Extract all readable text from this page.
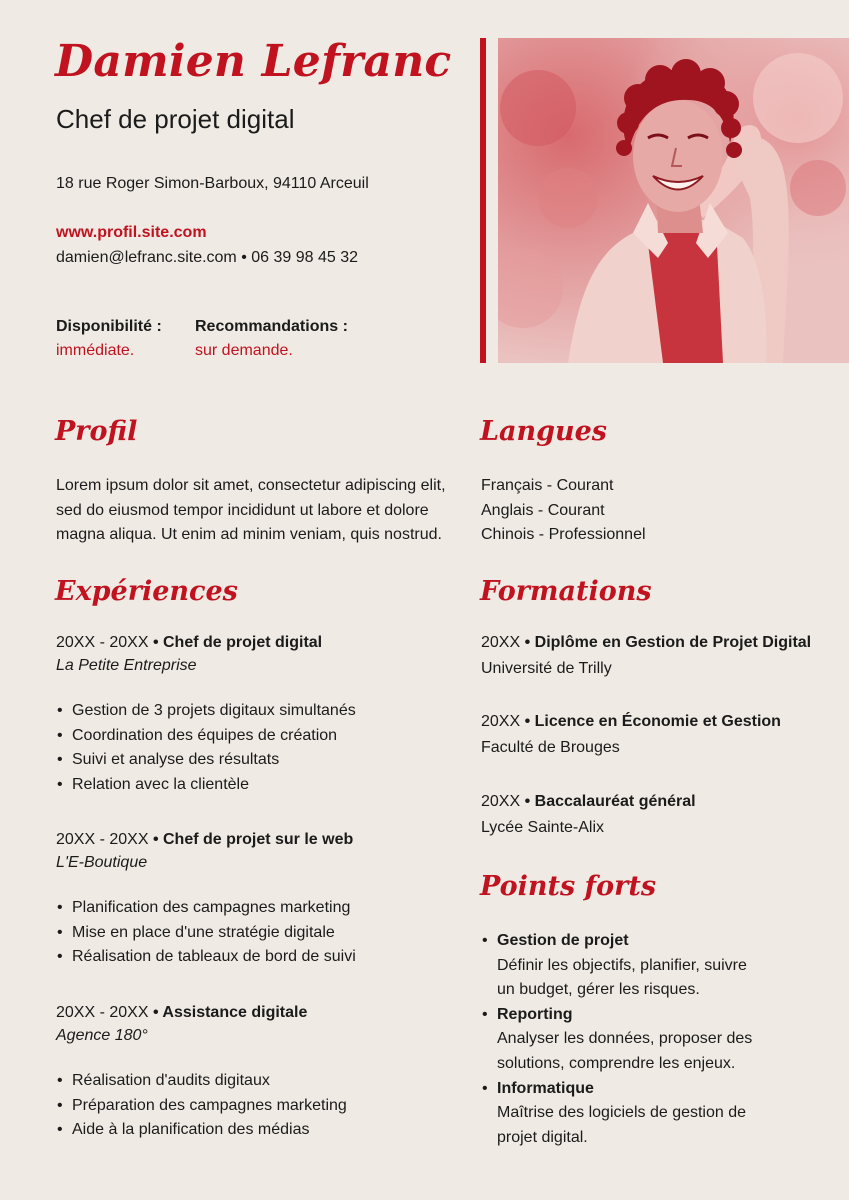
Damien Lefranc
Chef de projet digital
18 rue Roger Simon-Barboux, 94110 Arceuil
www.profil.site.com
damien@lefranc.site.com • 06 39 98 45 32
Disponibilité :
immédiate.
Recommandations :
sur demande.
Profil
Lorem ipsum dolor sit amet, consectetur adipiscing elit,
sed do eiusmod tempor incididunt ut labore et dolore
magna aliqua. Ut enim ad minim veniam, quis nostrud.
Expériences
20XX - 20XX • Chef de projet digital
La Petite Entreprise
• Gestion de 3 projets digitaux simultanés
• Coordination des équipes de création
• Suivi et analyse des résultats
• Relation avec la clientèle
20XX - 20XX • Chef de projet sur le web
L'E-Boutique
• Planification des campagnes marketing
• Mise en place d'une stratégie digitale
• Réalisation de tableaux de bord de suivi
20XX - 20XX • Assistance digitale
Agence 180°
• Réalisation d'audits digitaux
• Préparation des campagnes marketing
• Aide à la planification des médias
Langues
Français - Courant
Anglais - Courant
Chinois - Professionnel
Formations
20XX • Diplôme en Gestion de Projet Digital
Université de Trilly
20XX • Licence en Économie et Gestion
Faculté de Brouges
20XX • Baccalauréat général
Lycée Sainte-Alix
Points forts
• Gestion de projet
Définir les objectifs, planifier, suivre
un budget, gérer les risques.
• Reporting
Analyser les données, proposer des
solutions, comprendre les enjeux.
• Informatique
Maîtrise des logiciels de gestion de
projet digital.
